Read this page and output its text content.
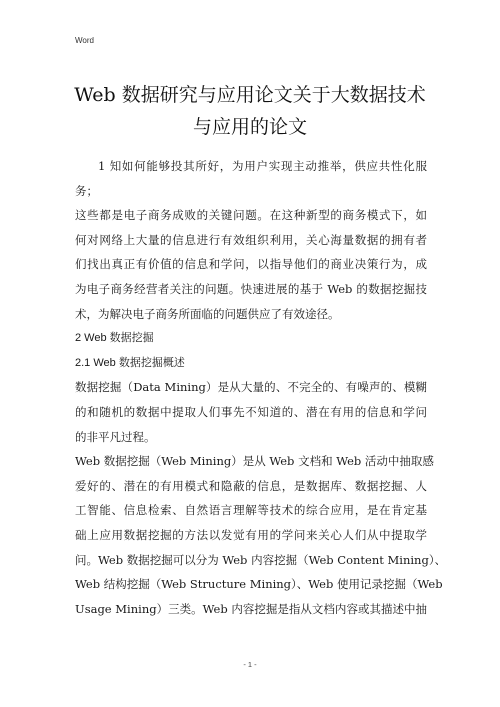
Word
Web 数据研究与应用论文关于大数据技术
与应用的论文
1 知如何能够投其所好，为用户实现主动推举，供应共性化服
务；
这些都是电子商务成败的关键问题。在这种新型的商务模式下，如
何对网络上大量的信息进行有效组织利用，关心海量数据的拥有者
们找出真正有价值的信息和学问，以指导他们的商业决策行为，成
为电子商务经营者关注的问题。快速进展的基于 Web 的数据挖掘技
术，为解决电子商务所面临的问题供应了有效途径。
2 Web 数据挖掘
2.1 Web 数据挖掘概述
数据挖掘（Data Mining）是从大量的、不完全的、有噪声的、模糊
的和随机的数据中提取人们事先不知道的、潜在有用的信息和学问
的非平凡过程。
Web 数据挖掘（Web Mining）是从 Web 文档和 Web 活动中抽取感
爱好的、潜在的有用模式和隐蔽的信息，是数据库、数据挖掘、人
工智能、信息检索、自然语言理解等技术的综合应用，是在肯定基
础上应用数据挖掘的方法以发觉有用的学问来关心人们从中提取学
问。Web 数据挖掘可以分为 Web 内容挖掘（Web Content Mining）、
Web 结构挖掘（Web Structure Mining）、Web 使用记录挖掘（Web
Usage Mining）三类。Web 内容挖掘是指从文档内容或其描述中抽
- 1 -
